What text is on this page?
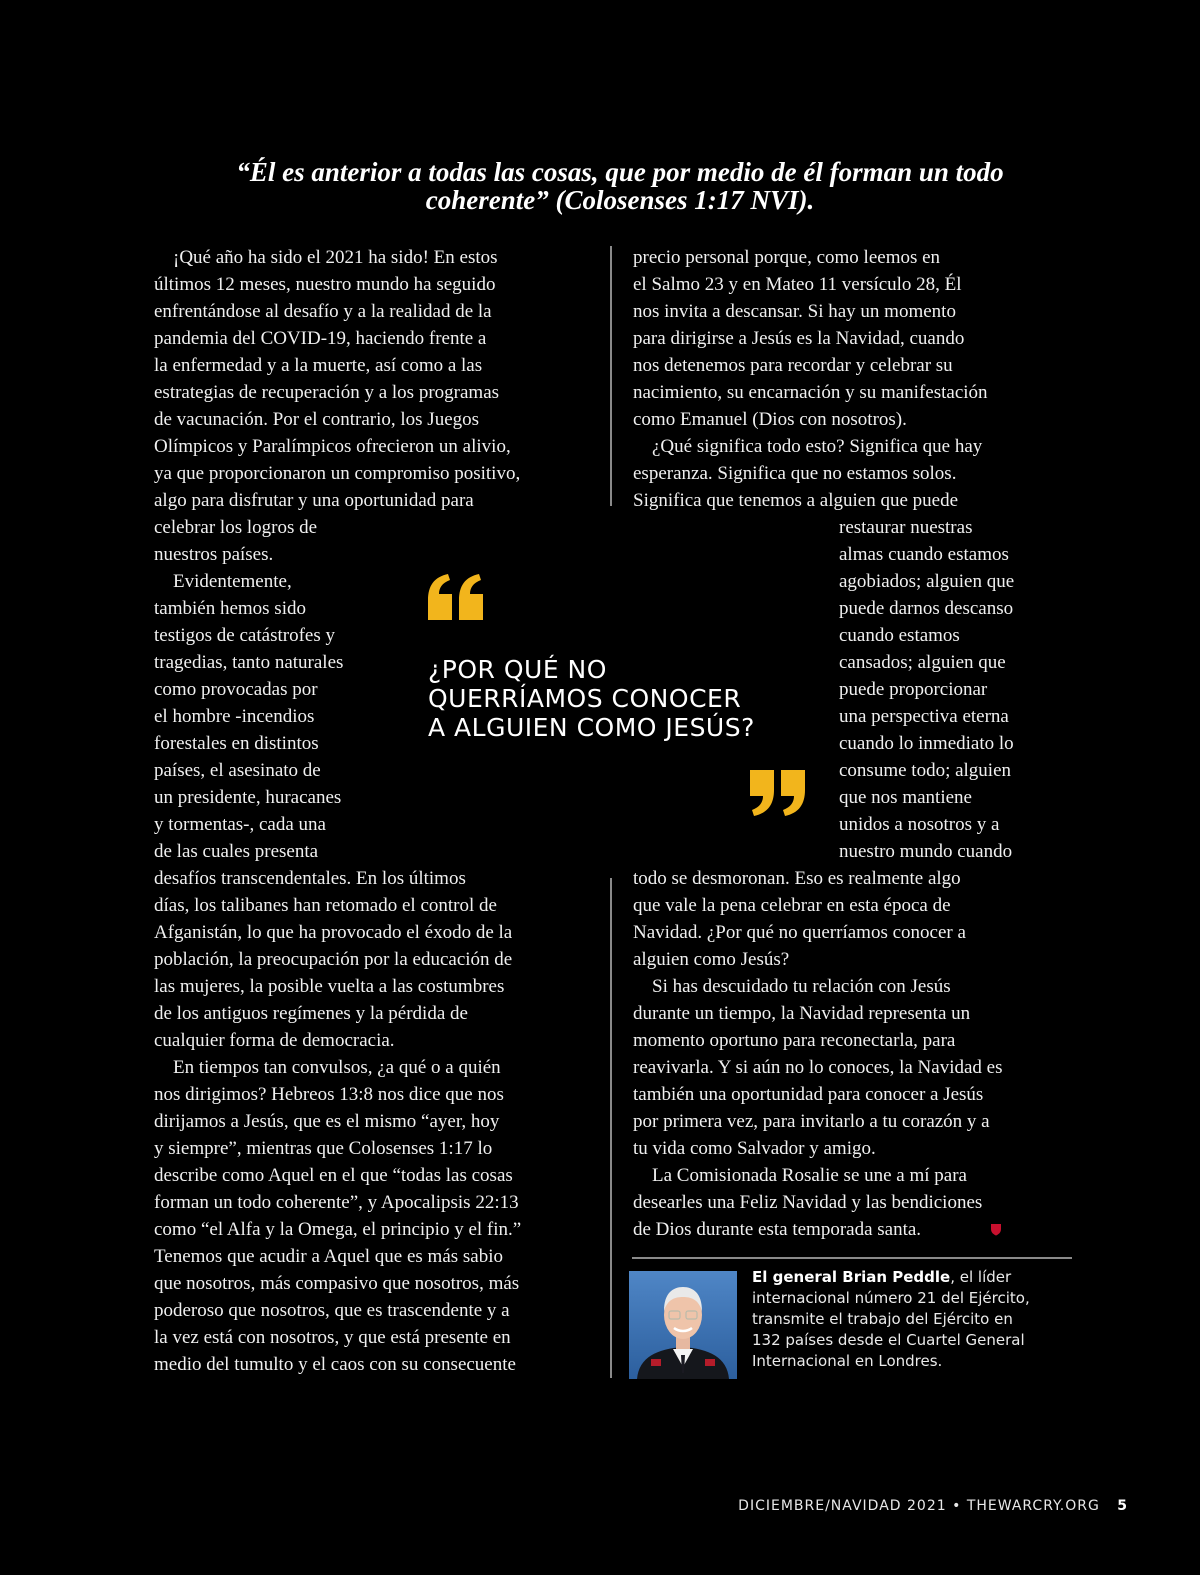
“Él es anterior a todas las cosas, que por medio de él forman un todo
coherente” (Colosenses 1:17 NVI).
¡Qué año ha sido el 2021 ha sido! En estos
últimos 12 meses, nuestro mundo ha seguido
enfrentándose al desafío y a la realidad de la
pandemia del COVID-19, haciendo frente a
la enfermedad y a la muerte, así como a las
estrategias de recuperación y a los programas
de vacunación. Por el contrario, los Juegos
Olímpicos y Paralímpicos ofrecieron un alivio,
ya que proporcionaron un compromiso positivo,
algo para disfrutar y una oportunidad para
celebrar los logros de
nuestros países.
Evidentemente,
también hemos sido
testigos de catástrofes y
tragedias, tanto naturales
como provocadas por
el hombre -incendios
forestales en distintos
países, el asesinato de
un presidente, huracanes
y tormentas-, cada una
de las cuales presenta
desafíos transcendentales. En los últimos
días, los talibanes han retomado el control de
Afganistán, lo que ha provocado el éxodo de la
población, la preocupación por la educación de
las mujeres, la posible vuelta a las costumbres
de los antiguos regímenes y la pérdida de
cualquier forma de democracia.
En tiempos tan convulsos, ¿a qué o a quién
nos dirigimos? Hebreos 13:8 nos dice que nos
dirijamos a Jesús, que es el mismo “ayer, hoy
y siempre”, mientras que Colosenses 1:17 lo
describe como Aquel en el que “todas las cosas
forman un todo coherente”, y Apocalipsis 22:13
como “el Alfa y la Omega, el principio y el fin.”
Tenemos que acudir a Aquel que es más sabio
que nosotros, más compasivo que nosotros, más
poderoso que nosotros, que es trascendente y a
la vez está con nosotros, y que está presente en
medio del tumulto y el caos con su consecuente
precio personal porque, como leemos en
el Salmo 23 y en Mateo 11 versículo 28, Él
nos invita a descansar. Si hay un momento
para dirigirse a Jesús es la Navidad, cuando
nos detenemos para recordar y celebrar su
nacimiento, su encarnación y su manifestación
como Emanuel (Dios con nosotros).
¿Qué significa todo esto? Significa que hay
esperanza. Significa que no estamos solos.
Significa que tenemos a alguien que puede
restaurar nuestras
almas cuando estamos
agobiados; alguien que
puede darnos descanso
cuando estamos
cansados; alguien que
puede proporcionar
una perspectiva eterna
cuando lo inmediato lo
consume todo; alguien
que nos mantiene
unidos a nosotros y a
nuestro mundo cuando
todo se desmoronan. Eso es realmente algo
que vale la pena celebrar en esta época de
Navidad. ¿Por qué no querríamos conocer a
alguien como Jesús?
Si has descuidado tu relación con Jesús
durante un tiempo, la Navidad representa un
momento oportuno para reconectarla, para
reavivarla. Y si aún no lo conoces, la Navidad es
también una oportunidad para conocer a Jesús
por primera vez, para invitarlo a tu corazón y a
tu vida como Salvador y amigo.
La Comisionada Rosalie se une a mí para
desearles una Feliz Navidad y las bendiciones
de Dios durante esta temporada santa.
¿POR QUÉ NO
QUERRÍAMOS CONOCER
A ALGUIEN COMO JESÚS?
El general Brian Peddle, el líder
internacional número 21 del Ejército,
transmite el trabajo del Ejército en
132 países desde el Cuartel General
Internacional en Londres.
DICIEMBRE/NAVIDAD 2021 • THEWARCRY.ORG 5
